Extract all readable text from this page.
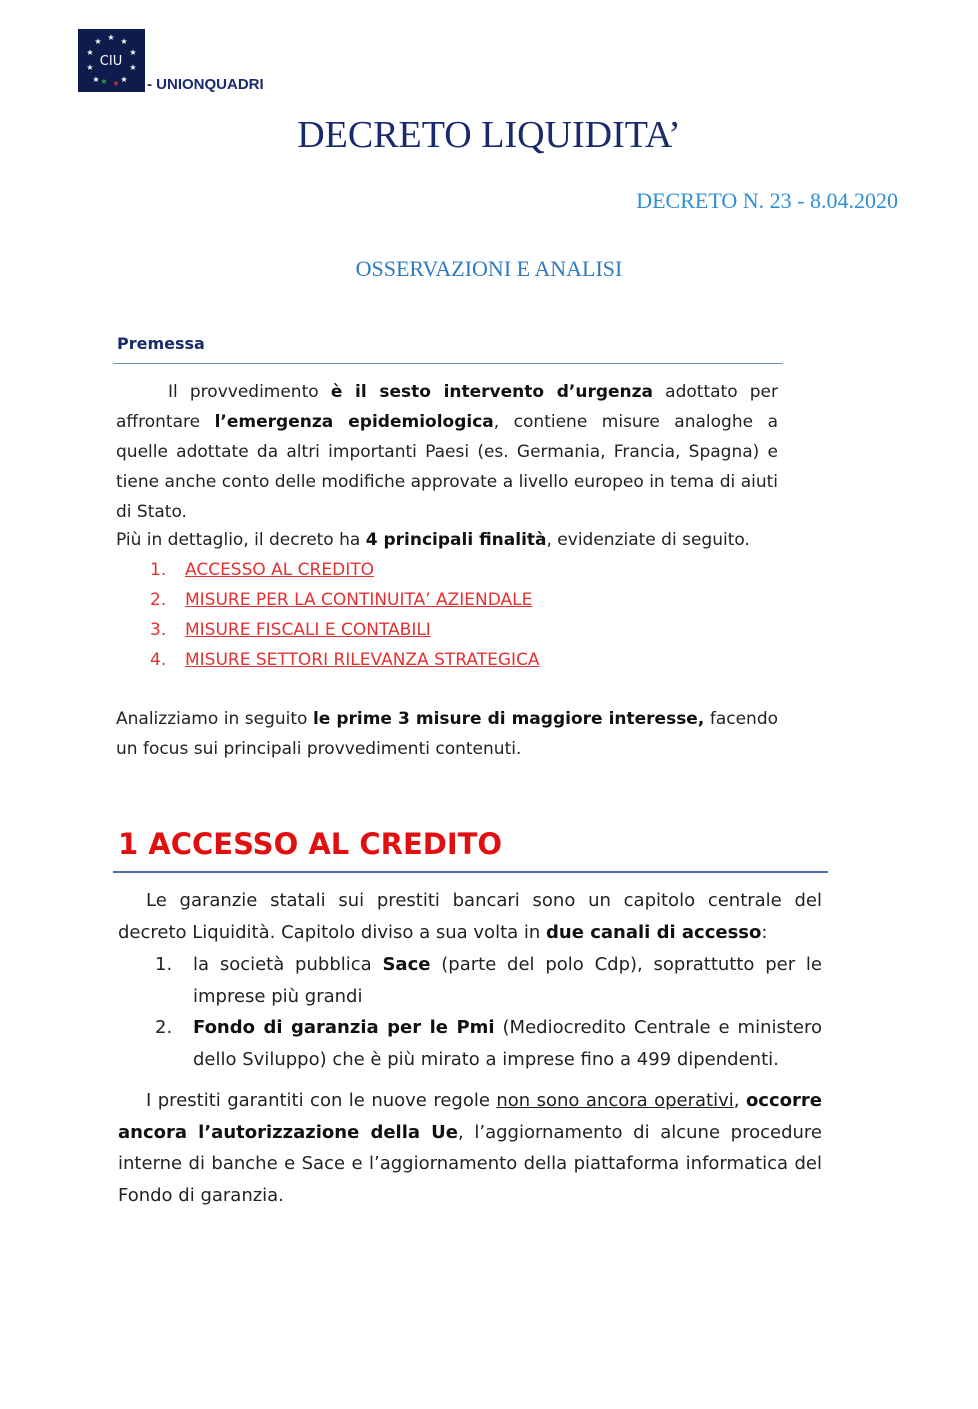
★ ★ ★
★
★
★	★
★	★
★ ★
CIU
- UNIONQUADRI
DECRETO LIQUIDITA’
DECRETO N. 23 - 8.04.2020
OSSERVAZIONI E ANALISI
Premessa
Il provvedimento è il sesto intervento d’urgenza adottato per affrontare l’emergenza epidemiologica, contiene misure analoghe a quelle adottate da altri importanti Paesi (es. Germania, Francia, Spagna) e tiene anche conto delle modifiche approvate a livello europeo in tema di aiuti di Stato.
Più in dettaglio, il decreto ha 4 principali finalità, evidenziate di seguito.
1. ACCESSO AL CREDITO
2. MISURE PER LA CONTINUITA’ AZIENDALE
3. MISURE FISCALI E CONTABILI
4. MISURE SETTORI RILEVANZA STRATEGICA
Analizziamo in seguito le prime 3 misure di maggiore interesse, facendo un focus sui principali provvedimenti contenuti.
1 ACCESSO AL CREDITO
Le garanzie statali sui prestiti bancari sono un capitolo centrale del decreto Liquidità. Capitolo diviso a sua volta in due canali di accesso:
1.	la società pubblica Sace (parte del polo Cdp), soprattutto per le imprese più grandi
2.	Fondo di garanzia per le Pmi (Mediocredito Centrale e ministero dello Sviluppo) che è più mirato a imprese fino a 499 dipendenti.
I prestiti garantiti con le nuove regole non sono ancora operativi, occorre ancora l’autorizzazione della Ue, l’aggiornamento di alcune procedure interne di banche e Sace e l’aggiornamento della piattaforma informatica del Fondo di garanzia.
